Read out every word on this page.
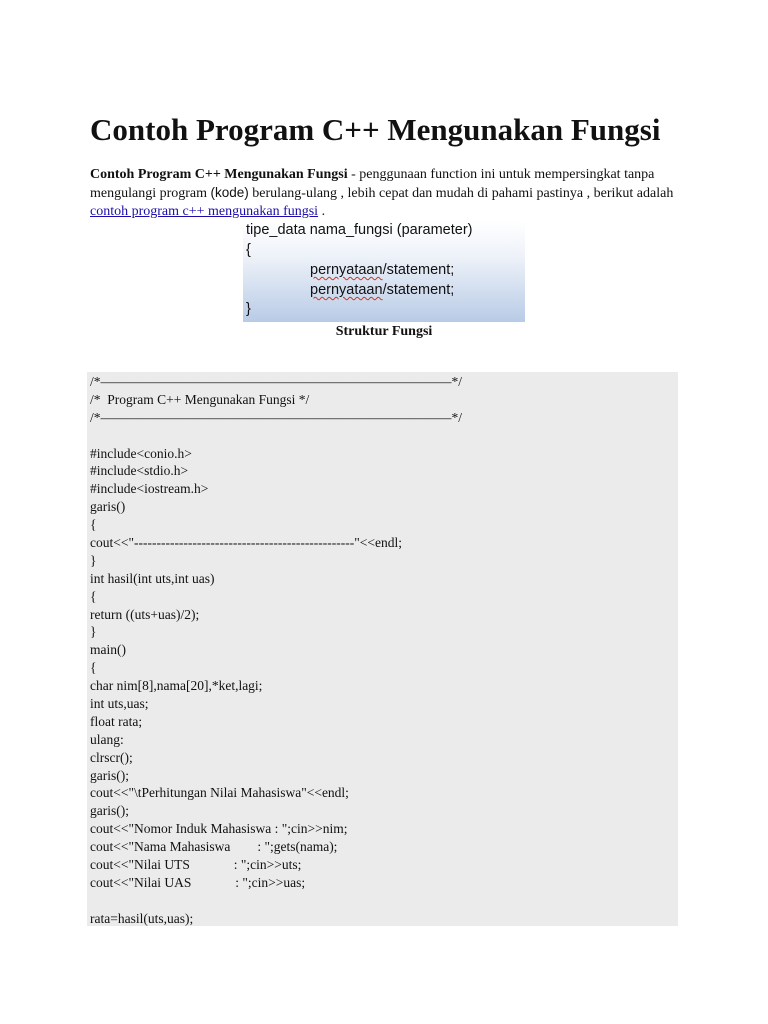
Contoh Program C++ Mengunakan Fungsi

Contoh Program C++ Mengunakan Fungsi - penggunaan function ini untuk mempersingkat tanpa mengulangi program (kode) berulang-ulang , lebih cepat dan mudah di pahami pastinya , berikut adalah contoh program c++ mengunakan fungsi .

tipe_data nama_fungsi (parameter)
{
pernyataan/statement;
pernyataan/statement;
}
Struktur Fungsi
/*——————————————————————————*/
/*  Program C++ Mengunakan Fungsi */
/*——————————————————————————*/
#include<conio.h>
#include<stdio.h>
#include<iostream.h>
garis()
{
cout<<"-------------------------------------------------"<<endl;
}
int hasil(int uts,int uas)
{
return ((uts+uas)/2);
}
main()
{
char nim[8],nama[20],*ket,lagi;
int uts,uas;
float rata;
ulang:
clrscr();
garis();
cout<<"\tPerhitungan Nilai Mahasiswa"<<endl;
garis();
cout<<"Nomor Induk Mahasiswa : ";cin>>nim;
cout<<"Nama Mahasiswa        : ";gets(nama);
cout<<"Nilai UTS             : ";cin>>uts;
cout<<"Nilai UAS             : ";cin>>uas;
rata=hasil(uts,uas);
